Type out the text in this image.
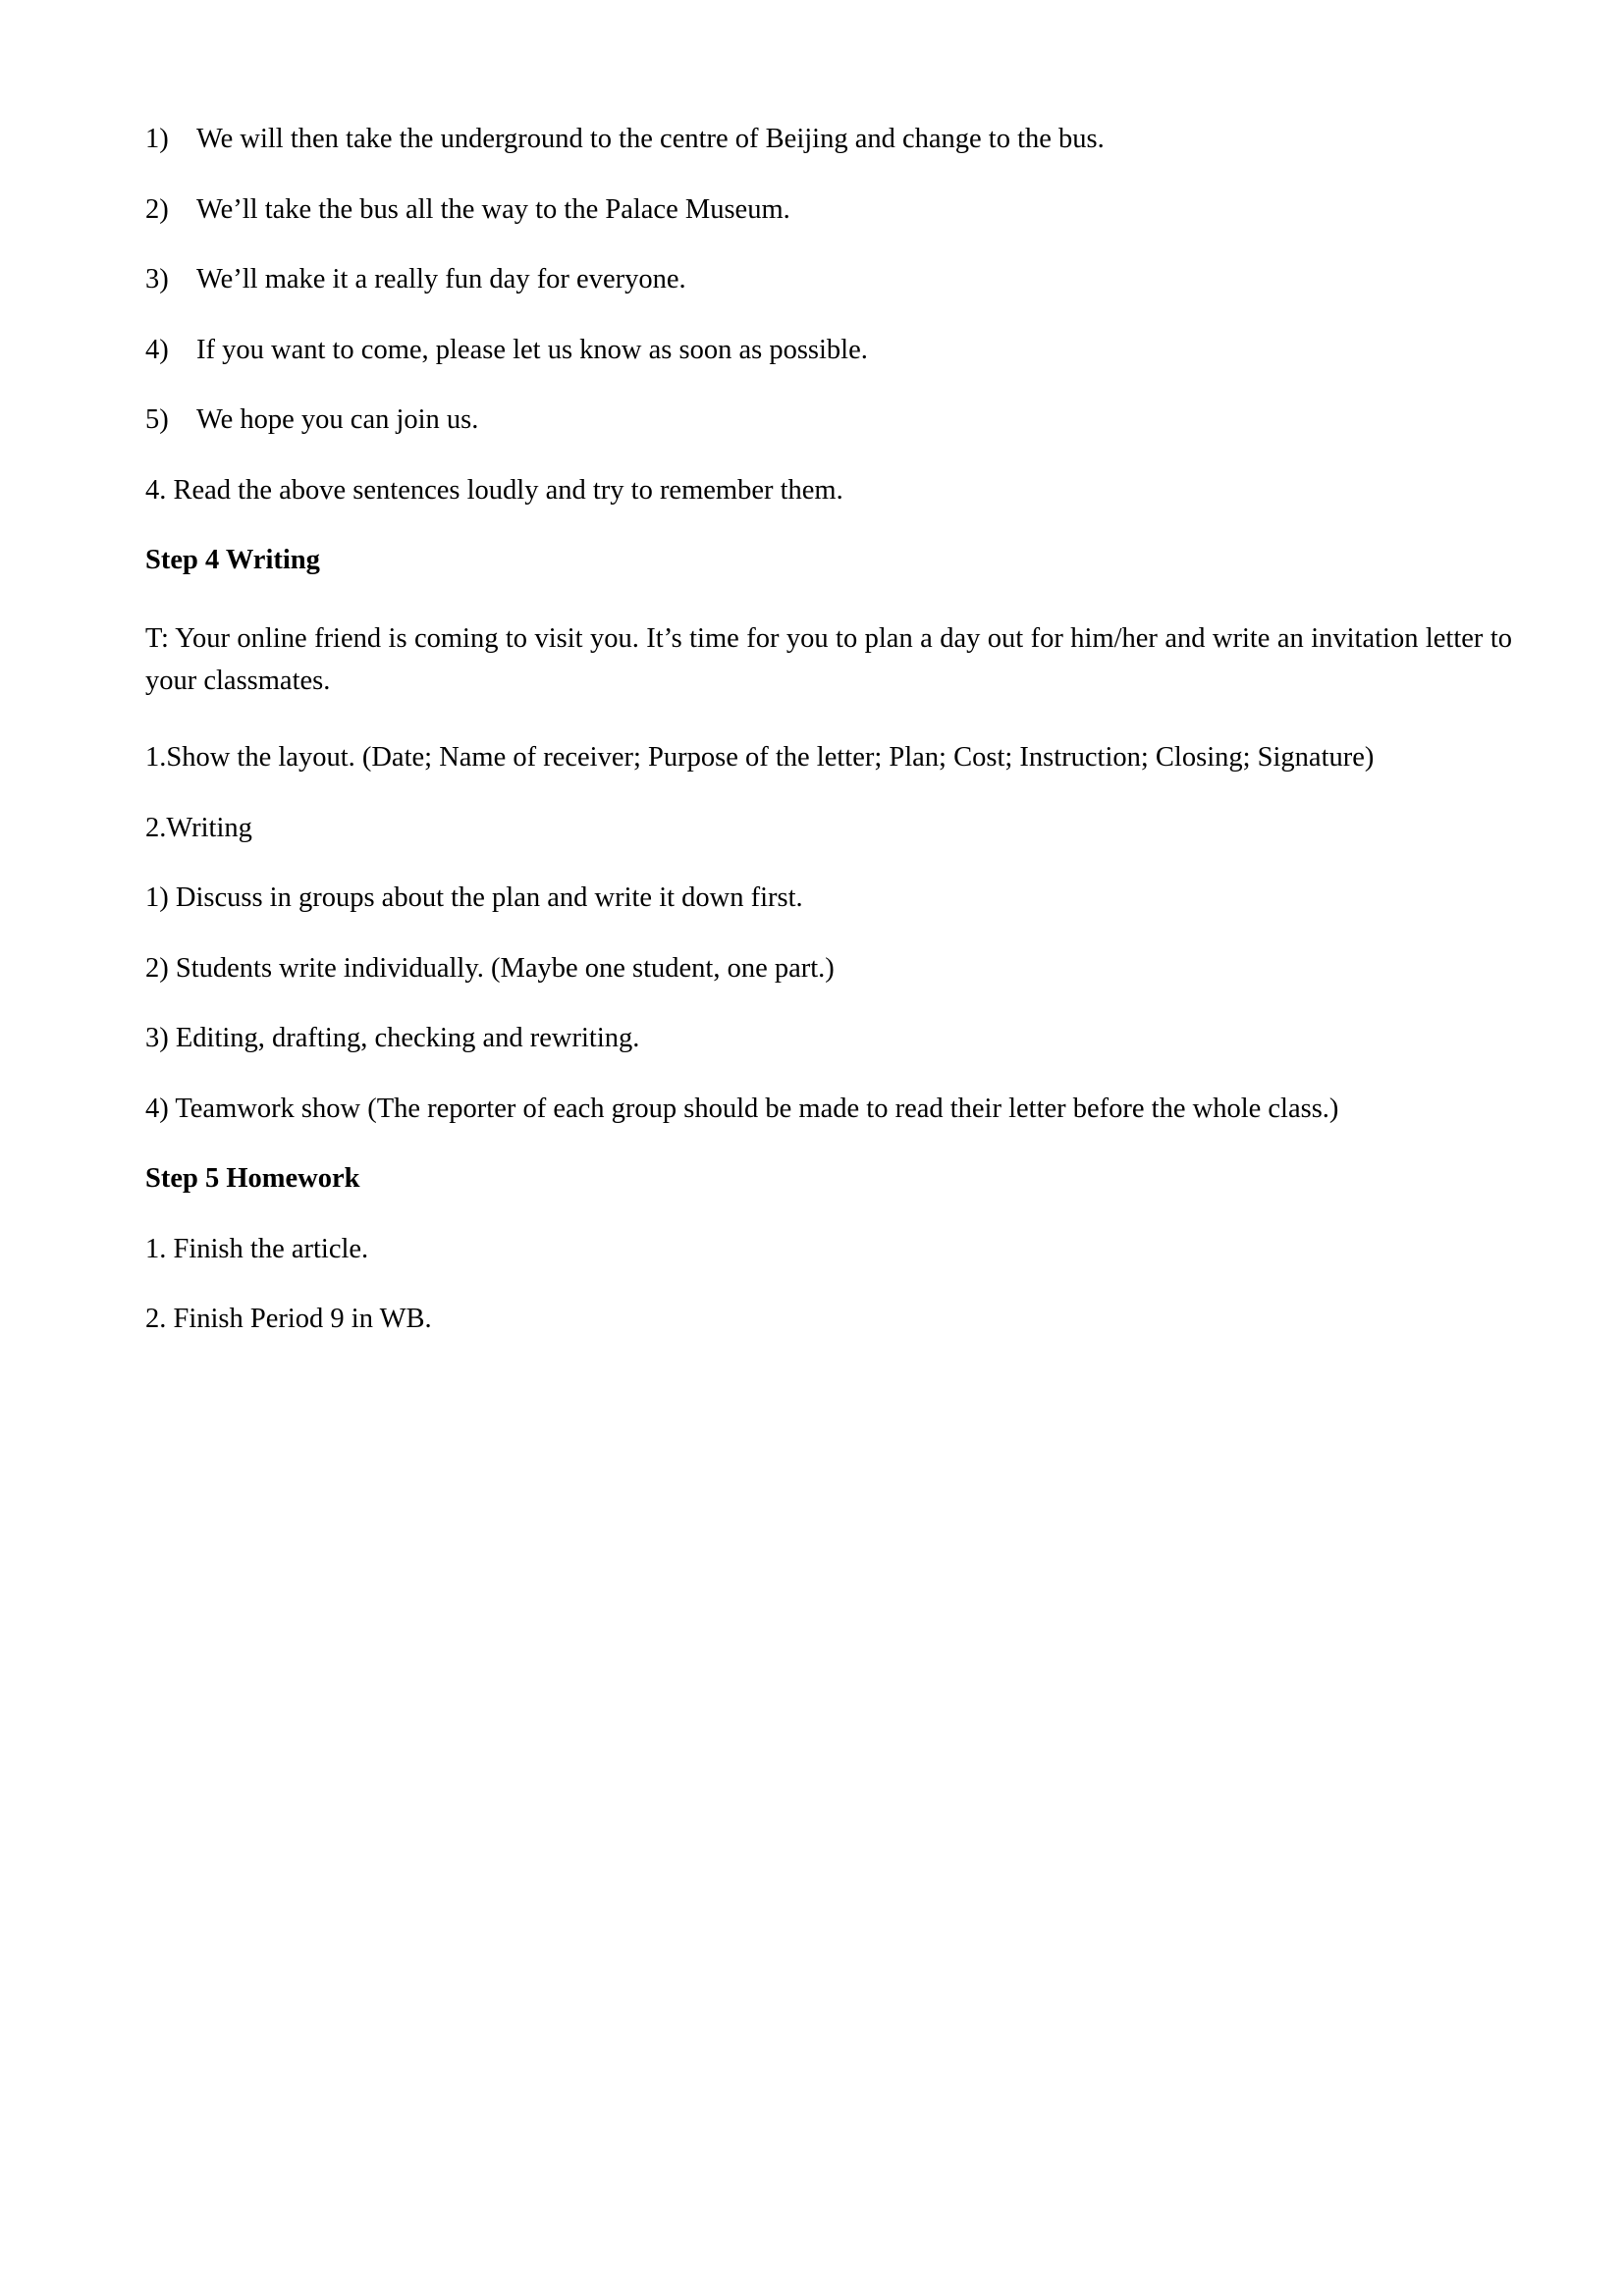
1) We will then take the underground to the centre of Beijing and change to the bus.
2) We’ll take the bus all the way to the Palace Museum.
3) We’ll make it a really fun day for everyone.
4) If you want to come, please let us know as soon as possible.
5) We hope you can join us.

4. Read the above sentences loudly and try to remember them.

Step 4 Writing

T: Your online friend is coming to visit you. It’s time for you to plan a day out for him/her and write an invitation letter to your classmates.

1.Show the layout. (Date; Name of receiver; Purpose of the letter; Plan; Cost; Instruction; Closing; Signature)

2.Writing

1) Discuss in groups about the plan and write it down first.

2) Students write individually. (Maybe one student, one part.)

3) Editing, drafting, checking and rewriting.

4) Teamwork show (The reporter of each group should be made to read their letter before the whole class.)

Step 5 Homework

1. Finish the article.

2. Finish Period 9 in WB.
